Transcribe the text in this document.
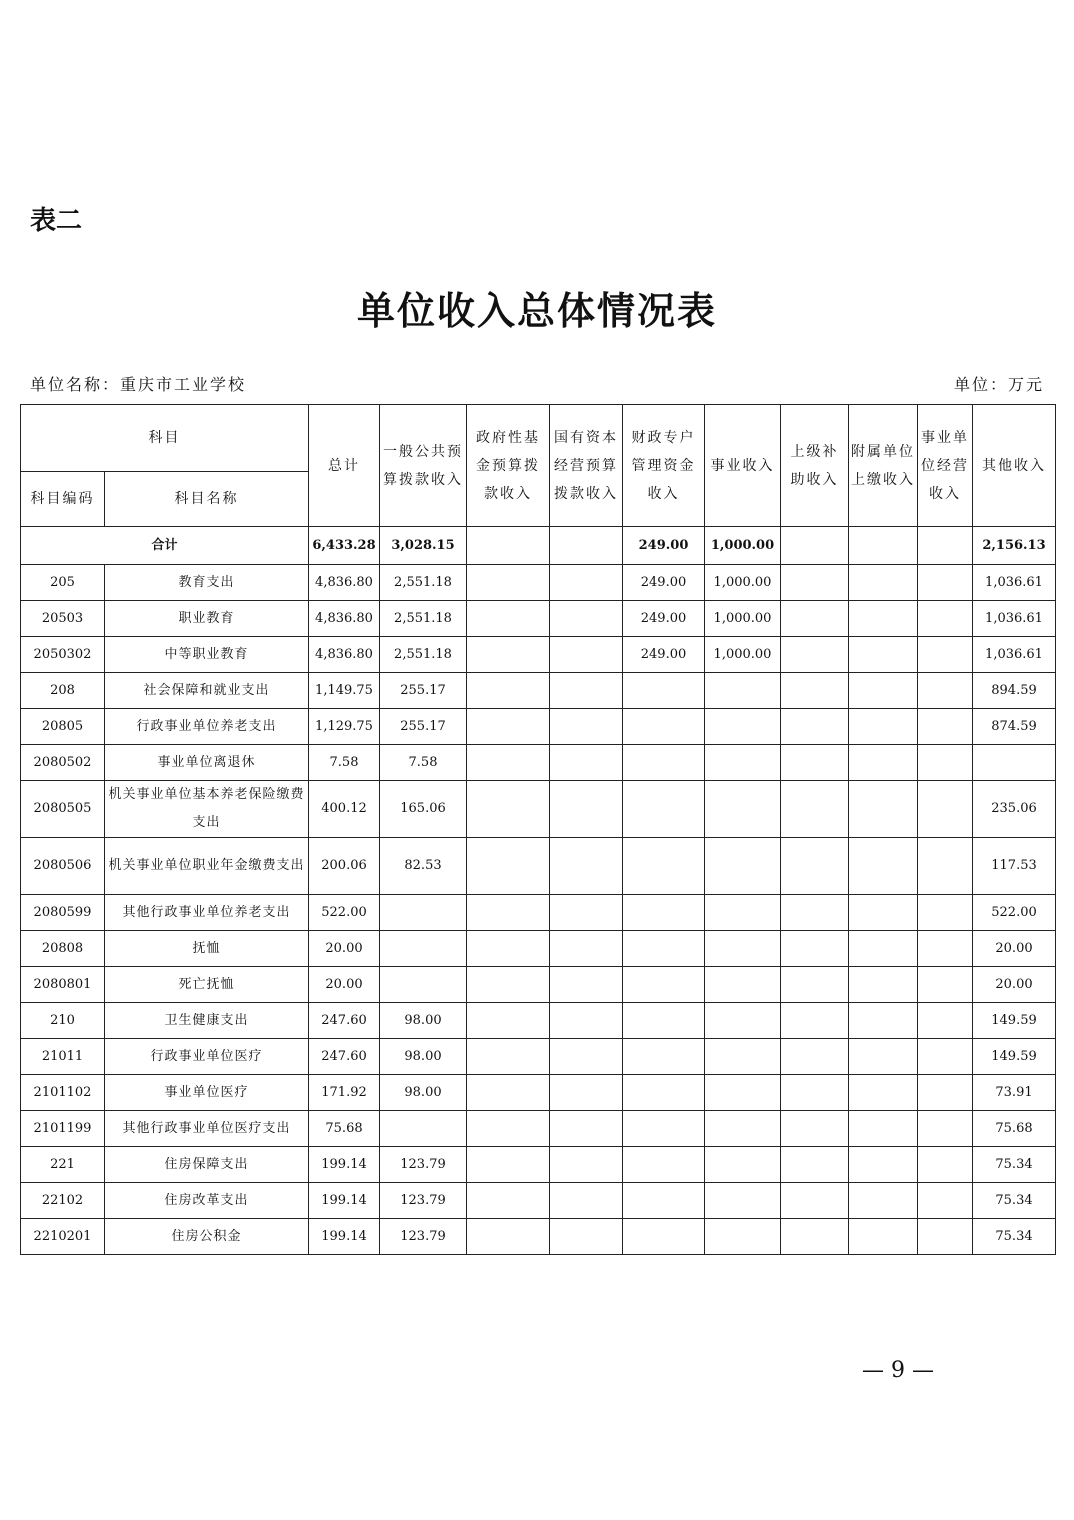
表二
单位收入总体情况表
单位名称：重庆市工业学校	单位：万元
科目		总计	一般公共预算拨款收入	政府性基金预算拨款收入	国有资本经营预算拨款收入	财政专户管理资金收入	事业收入	上级补助收入	附属单位上缴收入	事业单位经营收入	其他收入
科目编码	科目名称										
合计		6,433.28	3,028.15			249.00	1,000.00				2,156.13
205	教育支出	4,836.80	2,551.18			249.00	1,000.00				1,036.61
20503	职业教育	4,836.80	2,551.18			249.00	1,000.00				1,036.61
2050302	中等职业教育	4,836.80	2,551.18			249.00	1,000.00				1,036.61
208	社会保障和就业支出	1,149.75	255.17								894.59
20805	行政事业单位养老支出	1,129.75	255.17								874.59
2080502	事业单位离退休	7.58	7.58								
2080505	机关事业单位基本养老保险缴费支出	400.12	165.06								235.06
2080506	机关事业单位职业年金缴费支出	200.06	82.53								117.53
2080599	其他行政事业单位养老支出	522.00									522.00
20808	抚恤	20.00									20.00
2080801	死亡抚恤	20.00									20.00
210	卫生健康支出	247.60	98.00								149.59
21011	行政事业单位医疗	247.60	98.00								149.59
2101102	事业单位医疗	171.92	98.00								73.91
2101199	其他行政事业单位医疗支出	75.68									75.68
221	住房保障支出	199.14	123.79								75.34
22102	住房改革支出	199.14	123.79								75.34
2210201	住房公积金	199.14	123.79								75.34
— 9 —
